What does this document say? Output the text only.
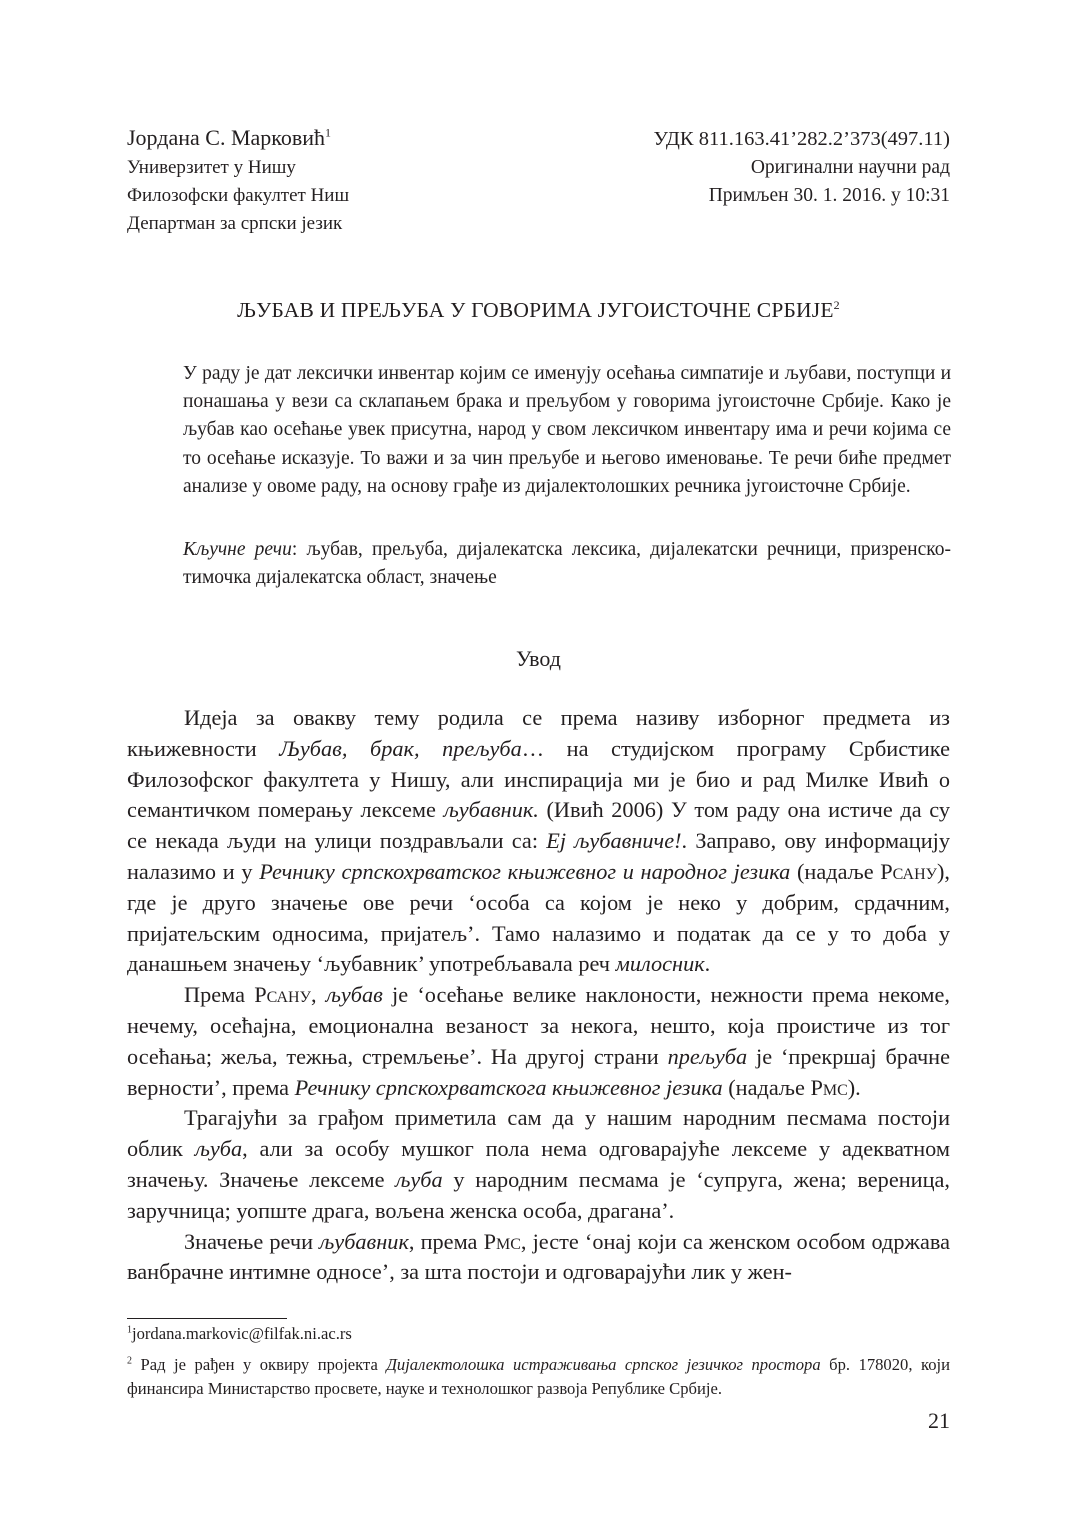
Јордана С. Марковић$^1$

Универзитет у Нишу

Филозофски факултет Ниш

Департман за српски језик

УДК 811.163.41’282.2’373(497.11)

Оригинални научни рад

Примљен 30. 1. 2016. у 10:31

ЉУБАВ И ПРЕЉУБА У ГОВОРИМА ЈУГОИСТОЧНЕ СРБИЈЕ$^2$

У раду је дат лексички инвентар којим се именују осећања симпатије и љубави, поступци и понашања у вези са склапањем брака и прељубом у говорима југоисточне Србије. Како је љубав као осећање увек присутна, народ у свом лексичком инвентару има и речи којима се то осећање исказује. То важи и за чин прељубе и његово именовање. Те речи биће предмет анализе у овоме раду, на основу грађе из дијалектолошких речника југоисточне Србије.

Кључне речи: љубав, прељуба, дијалекатска лексика, дијалекатски речници, призренско-тимочка дијалекатска област, значење

Увод

Идеја за овакву тему родила се према називу изборног предмета из књижевности Љубав, брак, прељуба… на студијском програму Србистике Филозофског факултета у Нишу, али инспирација ми је био и рад Милке Ивић о семантичком померању лексеме љубавник. (Ивић 2006) У том раду она истиче да су се некада људи на улици поздрављали са: Еј љубавниче!. Заправо, ову информацију налазимо и у Речнику српскохрватског књижевног и народног језика (надаље Рсану), где је друго значење ове речи ‘особа са којом је неко у добрим, срдачним, пријатељским односима, пријатељ’. Тамо налазимо и податак да се у то доба у данашњем значењу ‘љубавник’ употребљавала реч милосник.

Према Рсану, љубав је ‘осећање велике наклоности, нежности према некоме, нечему, осећајна, емоционална везаност за некога, нешто, која проистиче из тог осећања; жеља, тежња, стремљење’. На другој страни прељуба је ‘прекршај брачне верности’, према Речнику српскохрватскога књижевног језика (надаље Рмс).

Трагајући за грађом приметила сам да у нашим народним песмама постоји облик љуба, али за особу мушког пола нема одговарајуће лексеме у адекватном значењу. Значење лексеме љуба у народним песмама је ‘супруга, жена; вереница, заручница; уопште драга, вољена женска особа, драгана’.

Значење речи љубавник, према Рмс, јесте ‘онај који са женском особом одржава ванбрачне интимне односе’, за шта постоји и одговарајући лик у жен-

$^1$jordana.markovic@filfak.ni.ac.rs

$^2$ Рад је рађен у оквиру пројекта Дијалектолошка истраживања српског језичког простора бр. 178020, који финансира Министарство просвете, науке и технолошког развоја Републике Србије.

21
